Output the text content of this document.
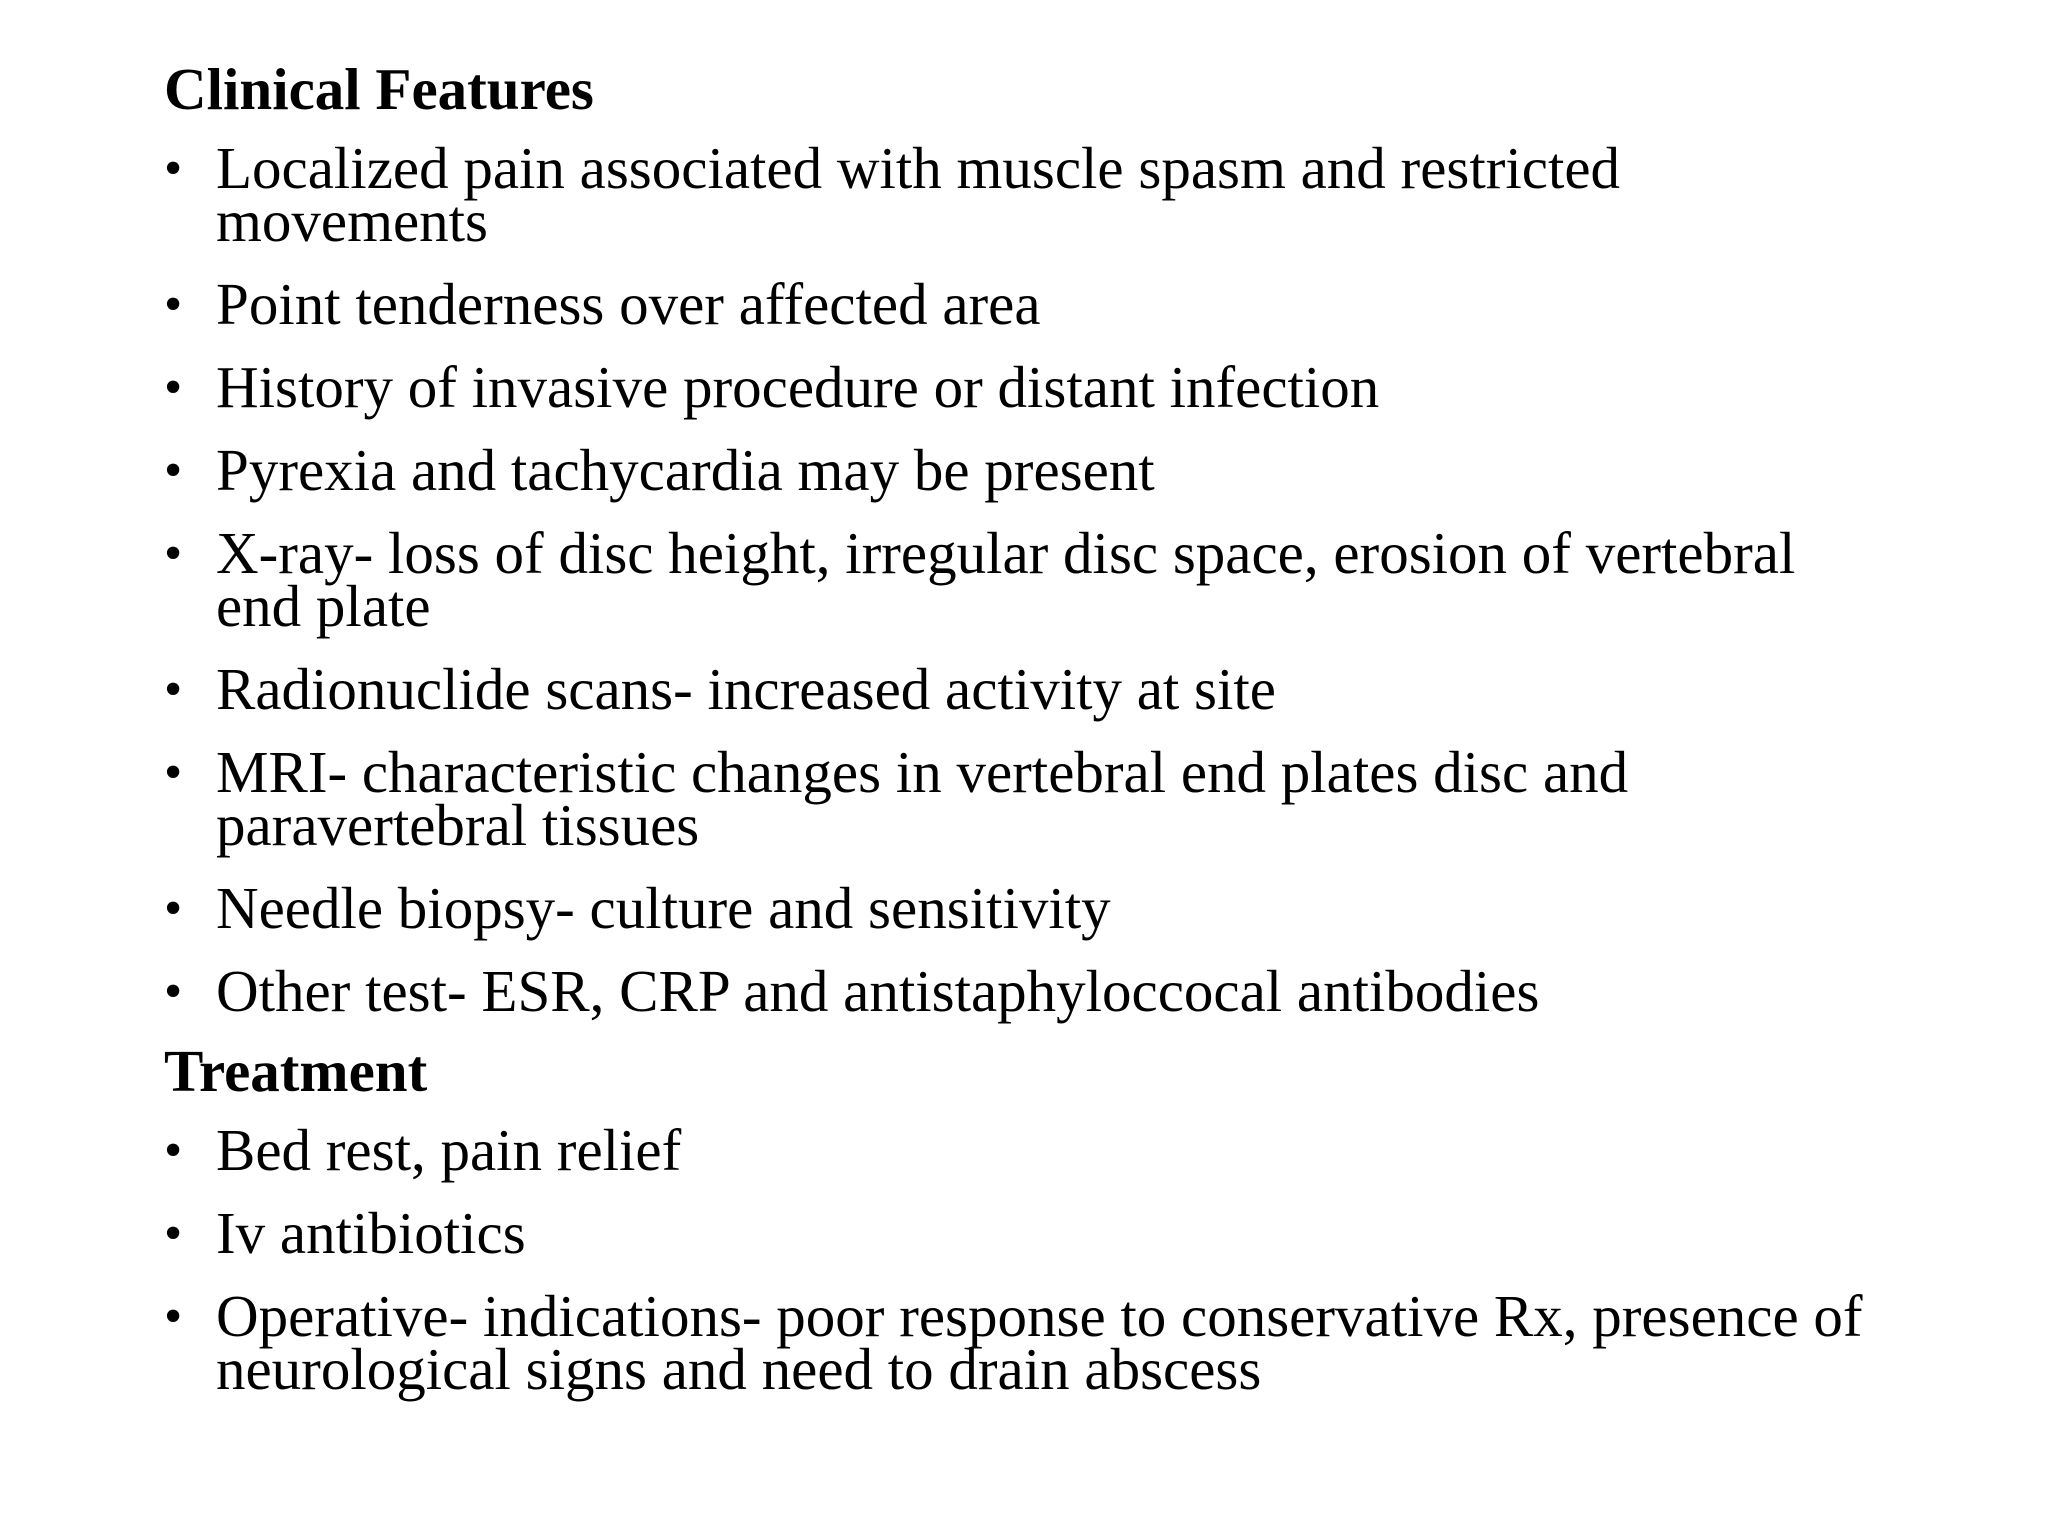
Clinical Features
• Localized pain associated with muscle spasm and restricted movements
• Point tenderness over affected area
• History of invasive procedure or distant infection
• Pyrexia and tachycardia may be present
• X-ray- loss of disc height, irregular disc space, erosion of vertebral end plate
• Radionuclide scans- increased activity at site
• MRI- characteristic changes in vertebral end plates disc and paravertebral tissues
• Needle biopsy- culture and sensitivity
• Other test- ESR, CRP and antistaphyloccocal antibodies
Treatment
• Bed rest, pain relief
• Iv antibiotics
• Operative- indications- poor response to conservative Rx, presence of neurological signs and need to drain abscess
